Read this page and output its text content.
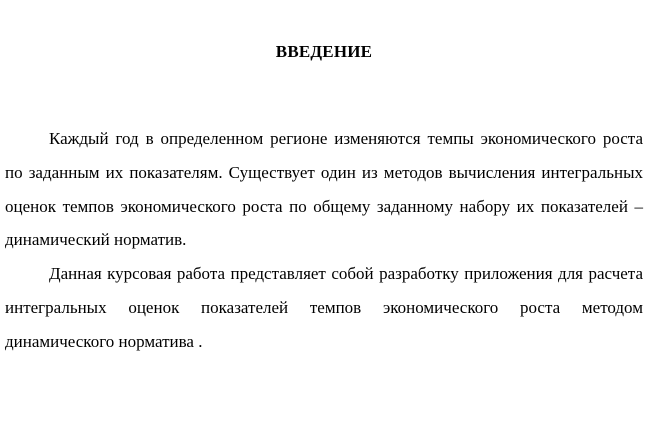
ВВЕДЕНИЕ

Каждый год в определенном регионе изменяются темпы экономического роста по заданным их показателям. Существует один из методов вычисления интегральных оценок темпов экономического роста по общему заданному набору их показателей – динамический норматив.

Данная курсовая работа представляет собой разработку приложения для расчета интегральных оценок показателей темпов экономического роста методом динамического норматива .
